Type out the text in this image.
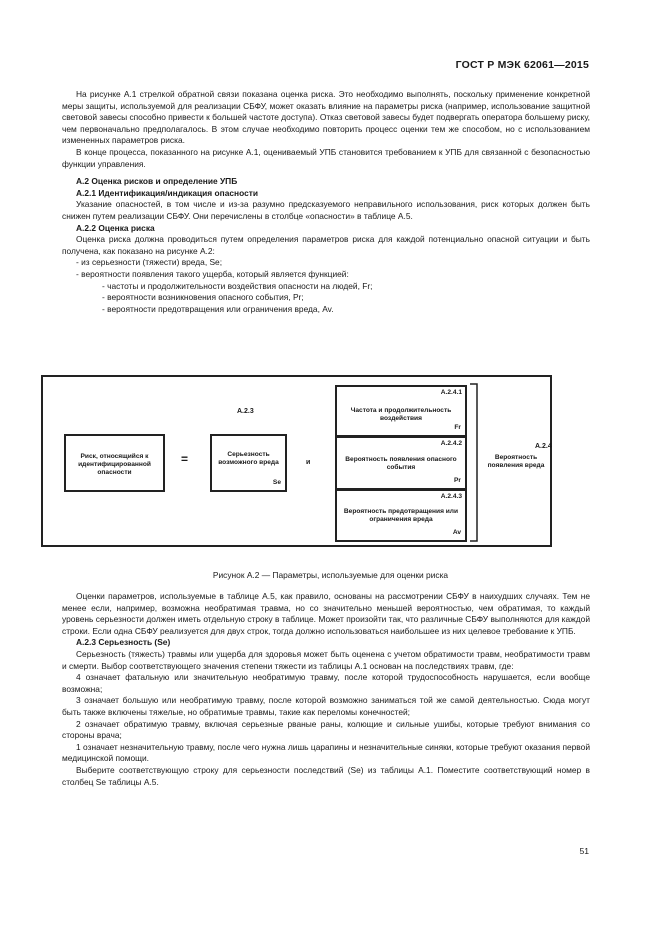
ГОСТ Р МЭК 62061—2015

На рисунке А.1 стрелкой обратной связи показана оценка риска. Это необходимо выполнять, поскольку применение конкретной меры защиты, используемой для реализации СБФУ, может оказать влияние на параметры риска (например, использование защитной световой завесы способно привести к большей частоте доступа). Отказ световой завесы будет подвергать оператора большему риску, чем первоначально предполагалось. В этом случае необходимо повторить процесс оценки тем же способом, но с использованием измененных параметров риска.

В конце процесса, показанного на рисунке А.1, оцениваемый УПБ становится требованием к УПБ для связанной с безопасностью функции управления.

А.2 Оценка рисков и определение УПБ

А.2.1 Идентификация/индикация опасности

Указание опасностей, в том числе и из-за разумно предсказуемого неправильного использования, риск которых должен быть снижен путем реализации СБФУ. Они перечислены в столбце «опасности» в таблице А.5.

А.2.2 Оценка риска

Оценка риска должна проводиться путем определения параметров риска для каждой потенциально опасной ситуации и быть получена, как показано на рисунке А.2:

- из серьезности (тяжести) вреда, Se;

- вероятности появления такого ущерба, который является функцией:

- частоты и продолжительности воздействия опасности на людей, Fr;

- вероятности возникновения опасного события, Pr;

- вероятности предотвращения или ограничения вреда, Av.

Риск, относящийся к идентифицированной опасности
=
А.2.3
Серьезность возможного вреда
Se
и
А.2.4.1
Частота и продолжительность воздействия
Fr
А.2.4.2
Вероятность появления опасного события
Pr
А.2.4.3
Вероятность предотвращения или ограничения вреда
Av
А.2.4
Вероятность появления вреда
Рисунок А.2 — Параметры, используемые для оценки риска

Оценки параметров, используемые в таблице А.5, как правило, основаны на рассмотрении СБФУ в наихудших случаях. Тем не менее если, например, возможна необратимая травма, но со значительно меньшей вероятностью, чем обратимая, то каждый уровень серьезности должен иметь отдельную строку в таблице. Может произойти так, что различные СБФУ выполняются для каждой строки. Если одна СБФУ реализуется для двух строк, тогда должно использоваться наибольшее из них целевое требование к УПБ.

А.2.3 Серьезность (Se)

Серьезность (тяжесть) травмы или ущерба для здоровья может быть оценена с учетом обратимости травм, необратимости травм и смерти. Выбор соответствующего значения степени тяжести из таблицы А.1 основан на последствиях травм, где:

4 означает фатальную или значительную необратимую травму, после которой трудоспособность нарушается, если вообще возможна;

3 означает большую или необратимую травму, после которой возможно заниматься той же самой деятельностью. Сюда могут быть также включены тяжелые, но обратимые травмы, такие как переломы конечностей;

2 означает обратимую травму, включая серьезные рваные раны, колющие и сильные ушибы, которые требуют внимания со стороны врача;

1 означает незначительную травму, после чего нужна лишь царапины и незначительные синяки, которые требуют оказания первой медицинской помощи.

Выберите соответствующую строку для серьезности последствий (Se) из таблицы А.1. Поместите соответствующий номер в столбец Se таблицы А.5.

51
